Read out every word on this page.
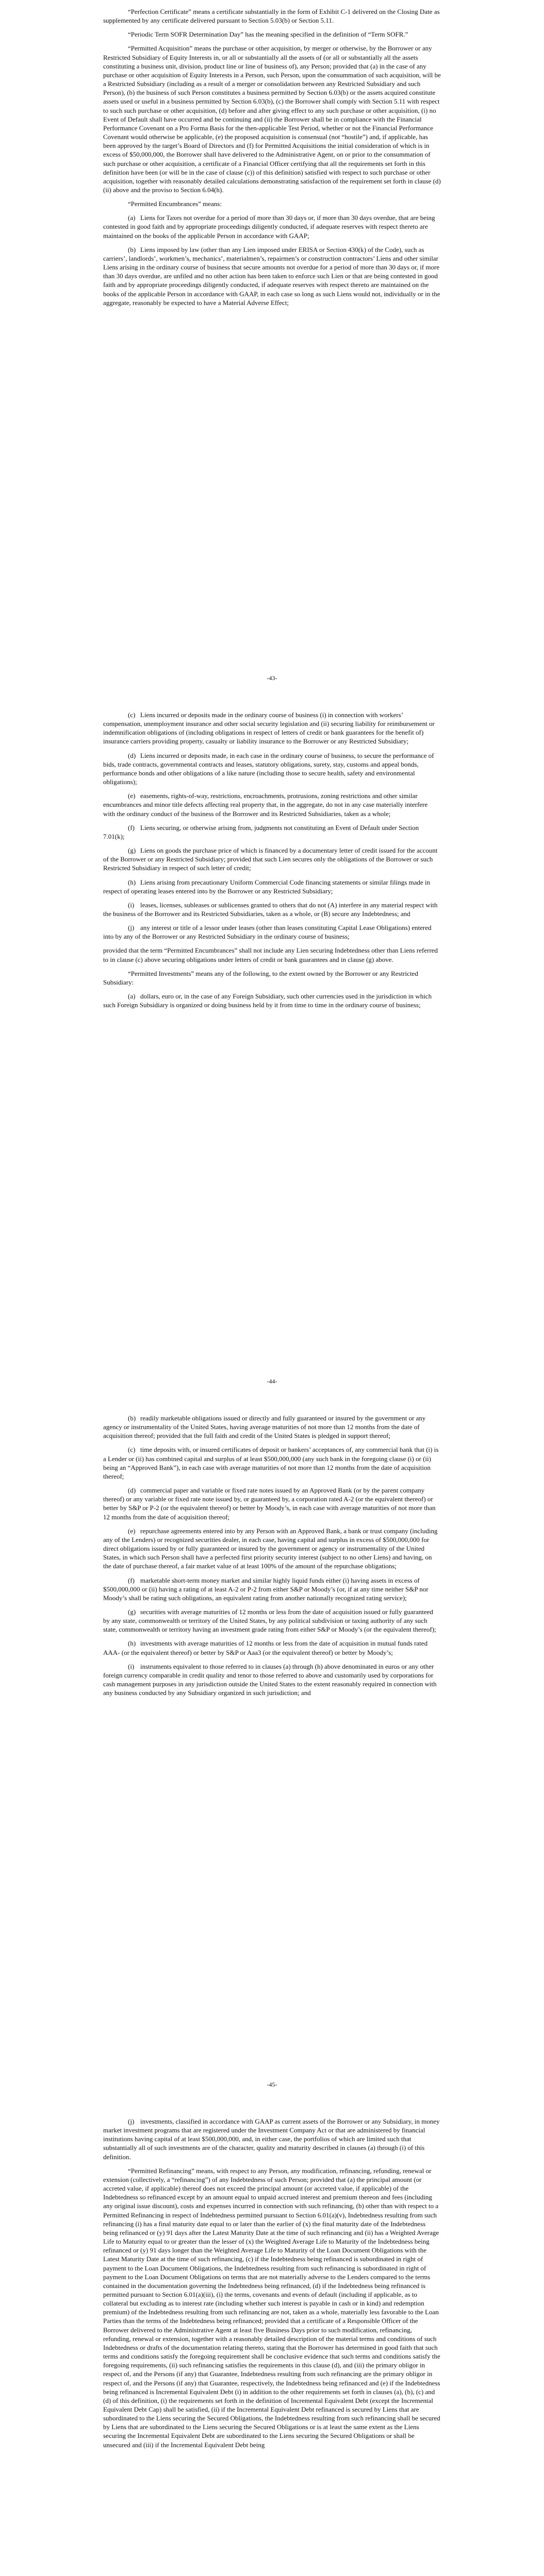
“Perfection Certificate” means a certificate substantially in the form of Exhibit C-1 delivered on the Closing Date as supplemented by any certificate delivered pursuant to Section 5.03(b) or Section 5.11.

“Periodic Term SOFR Determination Day” has the meaning specified in the definition of “Term SOFR.”

“Permitted Acquisition” means the purchase or other acquisition, by merger or otherwise, by the Borrower or any Restricted Subsidiary of Equity Interests in, or all or substantially all the assets of (or all or substantially all the assets constituting a business unit, division, product line or line of business of), any Person; provided that (a) in the case of any purchase or other acquisition of Equity Interests in a Person, such Person, upon the consummation of such acquisition, will be a Restricted Subsidiary (including as a result of a merger or consolidation between any Restricted Subsidiary and such Person), (b) the business of such Person constitutes a business permitted by Section 6.03(b) or the assets acquired constitute assets used or useful in a business permitted by Section 6.03(b), (c) the Borrower shall comply with Section 5.11 with respect to such such purchase or other acquisition, (d) before and after giving effect to any such purchase or other acquisition, (i) no Event of Default shall have occurred and be continuing and (ii) the Borrower shall be in compliance with the Financial Performance Covenant on a Pro Forma Basis for the then-applicable Test Period, whether or not the Financial Performance Covenant would otherwise be applicable, (e) the proposed acquisition is consensual (not “hostile”) and, if applicable, has been approved by the target’s Board of Directors and (f) for Permitted Acquisitions the initial consideration of which is in excess of $50,000,000, the Borrower shall have delivered to the Administrative Agent, on or prior to the consummation of such purchase or other acquisition, a certificate of a Financial Officer certifying that all the requirements set forth in this definition have been (or will be in the case of clause (c)) of this definition) satisfied with respect to such purchase or other acquisition, together with reasonably detailed calculations demonstrating satisfaction of the requirement set forth in clause (d)(ii) above and the proviso to Section 6.04(h).

“Permitted Encumbrances” means:

(a) Liens for Taxes not overdue for a period of more than 30 days or, if more than 30 days overdue, that are being contested in good faith and by appropriate proceedings diligently conducted, if adequate reserves with respect thereto are maintained on the books of the applicable Person in accordance with GAAP;
(b) Liens imposed by law (other than any Lien imposed under ERISA or Section 430(k) of the Code), such as carriers’, landlords’, workmen’s, mechanics’, materialmen’s, repairmen’s or construction contractors’ Liens and other similar Liens arising in the ordinary course of business that secure amounts not overdue for a period of more than 30 days or, if more than 30 days overdue, are unfiled and no other action has been taken to enforce such Lien or that are being contested in good faith and by appropriate proceedings diligently conducted, if adequate reserves with respect thereto are maintained on the books of the applicable Person in accordance with GAAP, in each case so long as such Liens would not, individually or in the aggregate, reasonably be expected to have a Material Adverse Effect;
-43-
(c) Liens incurred or deposits made in the ordinary course of business (i) in connection with workers’ compensation, unemployment insurance and other social security legislation and (ii) securing liability for reimbursement or indemnification obligations of (including obligations in respect of letters of credit or bank guarantees for the benefit of) insurance carriers providing property, casualty or liability insurance to the Borrower or any Restricted Subsidiary;
(d) Liens incurred or deposits made, in each case in the ordinary course of business, to secure the performance of bids, trade contracts, governmental contracts and leases, statutory obligations, surety, stay, customs and appeal bonds, performance bonds and other obligations of a like nature (including those to secure health, safety and environmental obligations);
(e) easements, rights-of-way, restrictions, encroachments, protrusions, zoning restrictions and other similar encumbrances and minor title defects affecting real property that, in the aggregate, do not in any case materially interfere with the ordinary conduct of the business of the Borrower and its Restricted Subsidiaries, taken as a whole;
(f) Liens securing, or otherwise arising from, judgments not constituting an Event of Default under Section 7.01(k);
(g) Liens on goods the purchase price of which is financed by a documentary letter of credit issued for the account of the Borrower or any Restricted Subsidiary; provided that such Lien secures only the obligations of the Borrower or such Restricted Subsidiary in respect of such letter of credit;
(h) Liens arising from precautionary Uniform Commercial Code financing statements or similar filings made in respect of operating leases entered into by the Borrower or any Restricted Subsidiary;
(i) leases, licenses, subleases or sublicenses granted to others that do not (A) interfere in any material respect with the business of the Borrower and its Restricted Subsidiaries, taken as a whole, or (B) secure any Indebtedness; and
(j) any interest or title of a lessor under leases (other than leases constituting Capital Lease Obligations) entered into by any of the Borrower or any Restricted Subsidiary in the ordinary course of business;

provided that the term “Permitted Encumbrances” shall not include any Lien securing Indebtedness other than Liens referred to in clause (c) above securing obligations under letters of credit or bank guarantees and in clause (g) above.

“Permitted Investments” means any of the following, to the extent owned by the Borrower or any Restricted Subsidiary:

(a) dollars, euro or, in the case of any Foreign Subsidiary, such other currencies used in the jurisdiction in which such Foreign Subsidiary is organized or doing business held by it from time to time in the ordinary course of business;
-44-
(b) readily marketable obligations issued or directly and fully guaranteed or insured by the government or any agency or instrumentality of the United States, having average maturities of not more than 12 months from the date of acquisition thereof; provided that the full faith and credit of the United States is pledged in support thereof;
(c) time deposits with, or insured certificates of deposit or bankers’ acceptances of, any commercial bank that (i) is a Lender or (ii) has combined capital and surplus of at least $500,000,000 (any such bank in the foregoing clause (i) or (ii) being an “Approved Bank”), in each case with average maturities of not more than 12 months from the date of acquisition thereof;
(d) commercial paper and variable or fixed rate notes issued by an Approved Bank (or by the parent company thereof) or any variable or fixed rate note issued by, or guaranteed by, a corporation rated A-2 (or the equivalent thereof) or better by S&P or P-2 (or the equivalent thereof) or better by Moody’s, in each case with average maturities of not more than 12 months from the date of acquisition thereof;
(e) repurchase agreements entered into by any Person with an Approved Bank, a bank or trust company (including any of the Lenders) or recognized securities dealer, in each case, having capital and surplus in excess of $500,000,000 for direct obligations issued by or fully guaranteed or insured by the government or agency or instrumentality of the United States, in which such Person shall have a perfected first priority security interest (subject to no other Liens) and having, on the date of purchase thereof, a fair market value of at least 100% of the amount of the repurchase obligations;
(f) marketable short-term money market and similar highly liquid funds either (i) having assets in excess of $500,000,000 or (ii) having a rating of at least A-2 or P-2 from either S&P or Moody’s (or, if at any time neither S&P nor Moody’s shall be rating such obligations, an equivalent rating from another nationally recognized rating service);
(g) securities with average maturities of 12 months or less from the date of acquisition issued or fully guaranteed by any state, commonwealth or territory of the United States, by any political subdivision or taxing authority of any such state, commonwealth or territory having an investment grade rating from either S&P or Moody’s (or the equivalent thereof);
(h) investments with average maturities of 12 months or less from the date of acquisition in mutual funds rated AAA- (or the equivalent thereof) or better by S&P or Aaa3 (or the equivalent thereof) or better by Moody’s;
(i) instruments equivalent to those referred to in clauses (a) through (h) above denominated in euros or any other foreign currency comparable in credit quality and tenor to those referred to above and customarily used by corporations for cash management purposes in any jurisdiction outside the United States to the extent reasonably required in connection with any business conducted by any Subsidiary organized in such jurisdiction; and
-45-
(j) investments, classified in accordance with GAAP as current assets of the Borrower or any Subsidiary, in money market investment programs that are registered under the Investment Company Act or that are administered by financial institutions having capital of at least $500,000,000, and, in either case, the portfolios of which are limited such that substantially all of such investments are of the character, quality and maturity described in clauses (a) through (i) of this definition.

“Permitted Refinancing” means, with respect to any Person, any modification, refinancing, refunding, renewal or extension (collectively, a “refinancing”) of any Indebtedness of such Person; provided that (a) the principal amount (or accreted value, if applicable) thereof does not exceed the principal amount (or accreted value, if applicable) of the Indebtedness so refinanced except by an amount equal to unpaid accrued interest and premium thereon and fees (including any original issue discount), costs and expenses incurred in connection with such refinancing, (b) other than with respect to a Permitted Refinancing in respect of Indebtedness permitted pursuant to Section 6.01(a)(v), Indebtedness resulting from such refinancing (i) has a final maturity date equal to or later than the earlier of (x) the final maturity date of the Indebtedness being refinanced or (y) 91 days after the Latest Maturity Date at the time of such refinancing and (ii) has a Weighted Average Life to Maturity equal to or greater than the lesser of (x) the Weighted Average Life to Maturity of the Indebtedness being refinanced or (y) 91 days longer than the Weighted Average Life to Maturity of the Loan Document Obligations with the Latest Maturity Date at the time of such refinancing, (c) if the Indebtedness being refinanced is subordinated in right of payment to the Loan Document Obligations, the Indebtedness resulting from such refinancing is subordinated in right of payment to the Loan Document Obligations on terms that are not materially adverse to the Lenders compared to the terms contained in the documentation governing the Indebtedness being refinanced, (d) if the Indebtedness being refinanced is permitted pursuant to Section 6.01(a)(iii), (i) the terms, covenants and events of default (including if applicable, as to collateral but excluding as to interest rate (including whether such interest is payable in cash or in kind) and redemption premium) of the Indebtedness resulting from such refinancing are not, taken as a whole, materially less favorable to the Loan Parties than the terms of the Indebtedness being refinanced; provided that a certificate of a Responsible Officer of the Borrower delivered to the Administrative Agent at least five Business Days prior to such modification, refinancing, refunding, renewal or extension, together with a reasonably detailed description of the material terms and conditions of such Indebtedness or drafts of the documentation relating thereto, stating that the Borrower has determined in good faith that such terms and conditions satisfy the foregoing requirement shall be conclusive evidence that such terms and conditions satisfy the foregoing requirements, (ii) such refinancing satisfies the requirements in this clause (d), and (iii) the primary obligor in respect of, and the Persons (if any) that Guarantee, Indebtedness resulting from such refinancing are the primary obligor in respect of, and the Persons (if any) that Guarantee, respectively, the Indebtedness being refinanced and (e) if the Indebtedness being refinanced is Incremental Equivalent Debt (i) in addition to the other requirements set forth in clauses (a), (b), (c) and (d) of this definition, (i) the requirements set forth in the definition of Incremental Equivalent Debt (except the Incremental Equivalent Debt Cap) shall be satisfied, (ii) if the Incremental Equivalent Debt refinanced is secured by Liens that are subordinated to the Liens securing the Secured Obligations, the Indebtedness resulting from such refinancing shall be secured by Liens that are subordinated to the Liens securing the Secured Obligations or is at least the same extent as the Liens securing the Incremental Equivalent Debt are subordinated to the Liens securing the Secured Obligations or shall be unsecured and (iii) if the Incremental Equivalent Debt being
